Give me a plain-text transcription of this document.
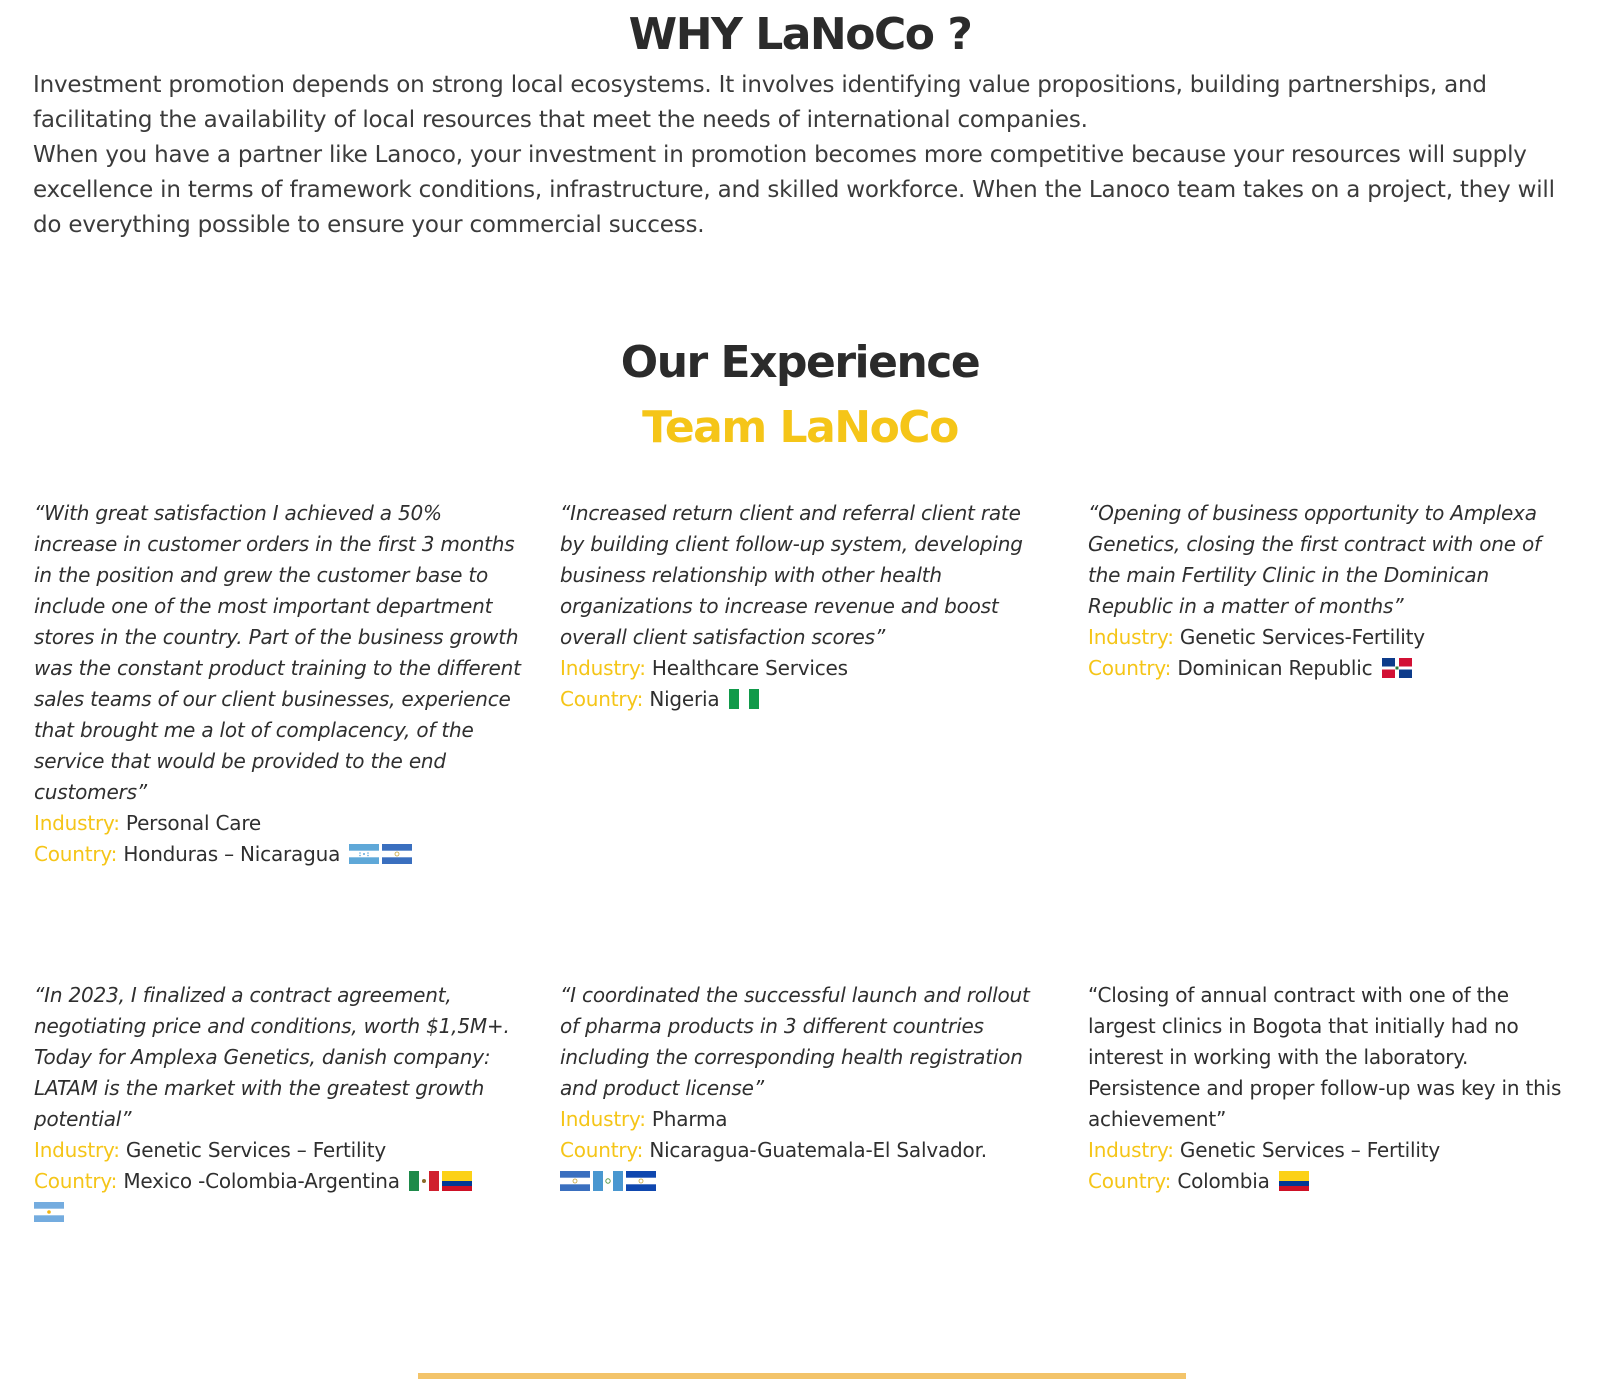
WHY LaNoCo ?

Investment promotion depends on strong local ecosystems. It involves identifying value propositions, building partnerships, and facilitating the availability of local resources that meet the needs of international companies.

When you have a partner like Lanoco, your investment in promotion becomes more competitive because your resources will supply excellence in terms of framework conditions, infrastructure, and skilled workforce. When the Lanoco team takes on a project, they will do everything possible to ensure your commercial success.

Our Experience
Team LaNoCo

“With great satisfaction I achieved a 50% increase in customer orders in the first 3 months in the position and grew the customer base to include one of the most important department stores in the country. Part of the business growth was the constant product training to the different sales teams of our client businesses, experience that brought me a lot of complacency, of the service that would be provided to the end customers”

Industry: Personal Care

Country: Honduras – Nicaragua

“Increased return client and referral client rate by building client follow-up system, developing business relationship with other health organizations to increase revenue and boost overall client satisfaction scores”

Industry: Healthcare Services

Country: Nigeria

“Opening of business opportunity to Amplexa Genetics, closing the first contract with one of the main Fertility Clinic in the Dominican Republic in a matter of months”

Industry: Genetic Services-Fertility

Country: Dominican Republic

“In 2023, I finalized a contract agreement, negotiating price and conditions, worth $1,5M+. Today for Amplexa Genetics, danish company: LATAM is the market with the greatest growth potential”

Industry: Genetic Services – Fertility

Country: Mexico -Colombia-Argentina

“I coordinated the successful launch and rollout of pharma products in 3 different countries including the corresponding health registration and product license”

Industry: Pharma

Country: Nicaragua-Guatemala-El Salvador.

“Closing of annual contract with one of the largest clinics in Bogota that initially had no interest in working with the laboratory. Persistence and proper follow-up was key in this achievement”

Industry: Genetic Services – Fertility

Country: Colombia
